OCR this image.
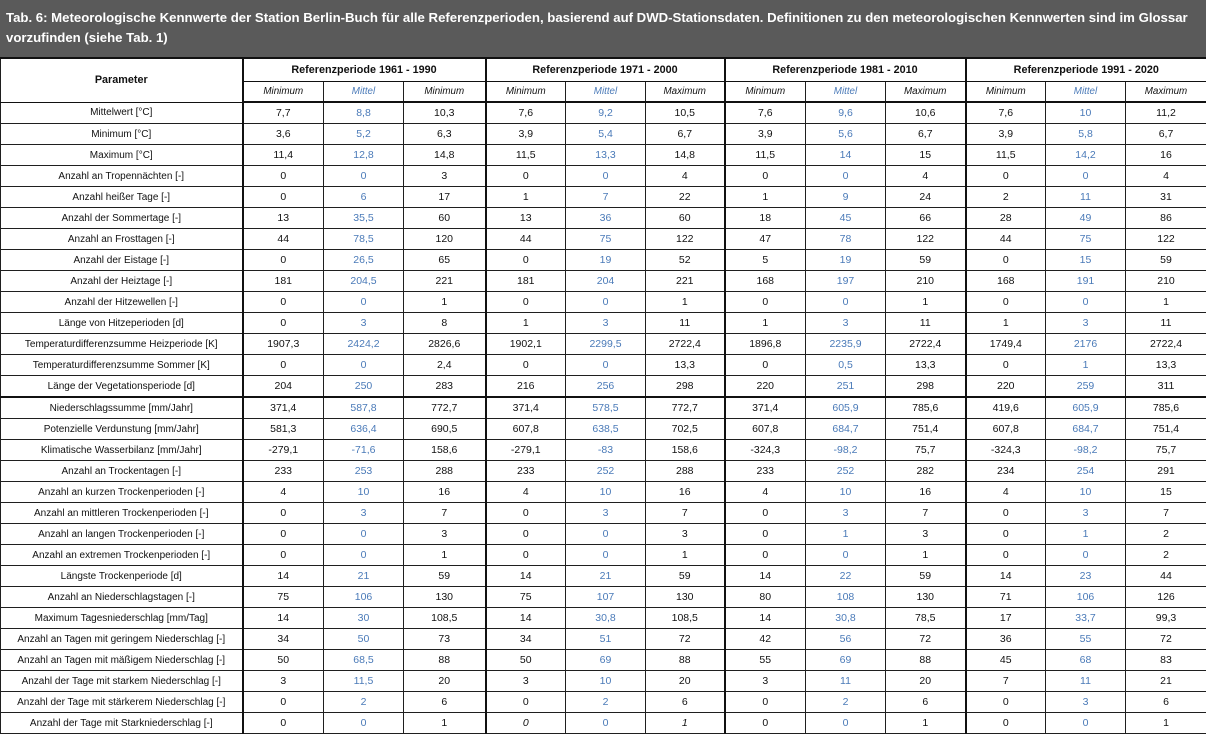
Tab. 6: Meteorologische Kennwerte der Station Berlin-Buch für alle Referenzperioden, basierend auf DWD-Stationsdaten. Definitionen zu den meteorologischen Kennwerten sind im Glossar vorzufinden (siehe Tab. 1)
Parameter	Referenzperiode 1961 - 1990			Referenzperiode 1971 - 2000			Referenzperiode 1981 - 2010			Referenzperiode 1991 - 2020		
	Minimum	Mittel	Minimum	Minimum	Mittel	Maximum	Minimum	Mittel	Maximum	Minimum	Mittel	Maximum
Mittelwert [°C]	7,7	8,8	10,3	7,6	9,2	10,5	7,6	9,6	10,6	7,6	10	11,2
Minimum [°C]	3,6	5,2	6,3	3,9	5,4	6,7	3,9	5,6	6,7	3,9	5,8	6,7
Maximum [°C]	11,4	12,8	14,8	11,5	13,3	14,8	11,5	14	15	11,5	14,2	16
Anzahl an Tropennächten [-]	0	0	3	0	0	4	0	0	4	0	0	4
Anzahl heißer Tage [-]	0	6	17	1	7	22	1	9	24	2	11	31
Anzahl der Sommertage [-]	13	35,5	60	13	36	60	18	45	66	28	49	86
Anzahl an Frosttagen [-]	44	78,5	120	44	75	122	47	78	122	44	75	122
Anzahl der Eistage [-]	0	26,5	65	0	19	52	5	19	59	0	15	59
Anzahl der Heiztage [-]	181	204,5	221	181	204	221	168	197	210	168	191	210
Anzahl der Hitzewellen [-]	0	0	1	0	0	1	0	0	1	0	0	1
Länge von Hitzeperioden [d]	0	3	8	1	3	11	1	3	11	1	3	11
Temperaturdifferenzsumme Heizperiode [K]	1907,3	2424,2	2826,6	1902,1	2299,5	2722,4	1896,8	2235,9	2722,4	1749,4	2176	2722,4
Temperaturdifferenzsumme Sommer [K]	0	0	2,4	0	0	13,3	0	0,5	13,3	0	1	13,3
Länge der Vegetationsperiode [d]	204	250	283	216	256	298	220	251	298	220	259	311
Niederschlagssumme [mm/Jahr]	371,4	587,8	772,7	371,4	578,5	772,7	371,4	605,9	785,6	419,6	605,9	785,6
Potenzielle Verdunstung [mm/Jahr]	581,3	636,4	690,5	607,8	638,5	702,5	607,8	684,7	751,4	607,8	684,7	751,4
Klimatische Wasserbilanz [mm/Jahr]	-279,1	-71,6	158,6	-279,1	-83	158,6	-324,3	-98,2	75,7	-324,3	-98,2	75,7
Anzahl an Trockentagen [-]	233	253	288	233	252	288	233	252	282	234	254	291
Anzahl an kurzen Trockenperioden [-]	4	10	16	4	10	16	4	10	16	4	10	15
Anzahl an mittleren Trockenperioden [-]	0	3	7	0	3	7	0	3	7	0	3	7
Anzahl an langen Trockenperioden [-]	0	0	3	0	0	3	0	1	3	0	1	2
Anzahl an extremen Trockenperioden [-]	0	0	1	0	0	1	0	0	1	0	0	2
Längste Trockenperiode [d]	14	21	59	14	21	59	14	22	59	14	23	44
Anzahl an Niederschlagstagen [-]	75	106	130	75	107	130	80	108	130	71	106	126
Maximum Tagesniederschlag [mm/Tag]	14	30	108,5	14	30,8	108,5	14	30,8	78,5	17	33,7	99,3
Anzahl an Tagen mit geringem Niederschlag [-]	34	50	73	34	51	72	42	56	72	36	55	72
Anzahl an Tagen mit mäßigem Niederschlag [-]	50	68,5	88	50	69	88	55	69	88	45	68	83
Anzahl der Tage mit starkem Niederschlag [-]	3	11,5	20	3	10	20	3	11	20	7	11	21
Anzahl der Tage mit stärkerem Niederschlag [-]	0	2	6	0	2	6	0	2	6	0	3	6
Anzahl der Tage mit Starkniederschlag [-]	0	0	1	0	0	1	0	0	1	0	0	1
